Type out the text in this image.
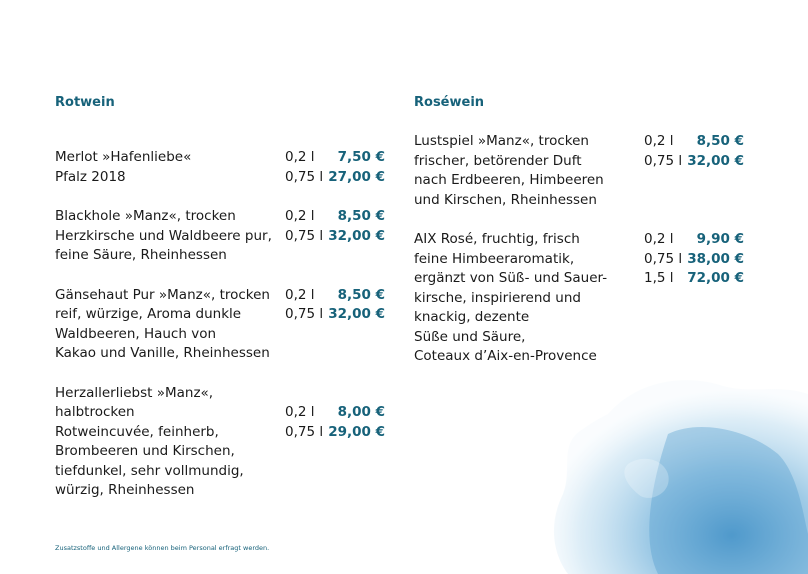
Rotwein
Merlot »Hafenliebe«
Pfalz 2018
0,2 l
0,75 l
7,50 €
27,00 €
Blackhole »Manz«, trocken
Herzkirsche und Waldbeere pur,
feine Säure, Rheinhessen
0,2 l
0,75 l
8,50 €
32,00 €
Gänsehaut Pur »Manz«, trocken
reif, würzige, Aroma dunkle
Waldbeeren, Hauch von
Kakao und Vanille, Rheinhessen
0,2 l
0,75 l
8,50 €
32,00 €
Herzallerliebst »Manz«,
halbtrocken
Rotweincuvée, feinherb,
Brombeeren und Kirschen,
tiefdunkel, sehr vollmundig,
würzig, Rheinhessen

0,2 l
0,75 l

8,00 €
29,00 €
Roséwein
Lustspiel »Manz«, trocken
frischer, betörender Duft
nach Erdbeeren, Himbeeren
und Kirschen, Rheinhessen
0,2 l
0,75 l
8,50 €
32,00 €
AIX Rosé, fruchtig, frisch
feine Himbeeraromatik,
ergänzt von Süß- und Sauer-
kirsche, inspirierend und
knackig, dezente
Süße und Säure,
Coteaux d’Aix-en-Provence
0,2 l
0,75 l
1,5 l
9,90 €
38,00 €
72,00 €
Zusatzstoffe und Allergene können beim Personal erfragt werden.
